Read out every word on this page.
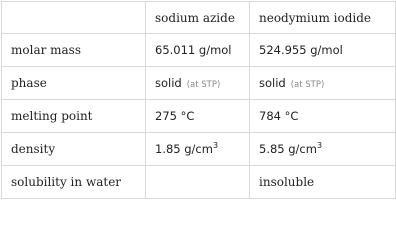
	sodium azide	neodymium iodide
molar mass	65.011 g/mol	524.955 g/mol
phase	solid (at STP)	solid (at STP)
melting point	275 °C	784 °C
density	1.85 $g/cm^3$	5.85 $g/cm^3$
solubility in water		insoluble
